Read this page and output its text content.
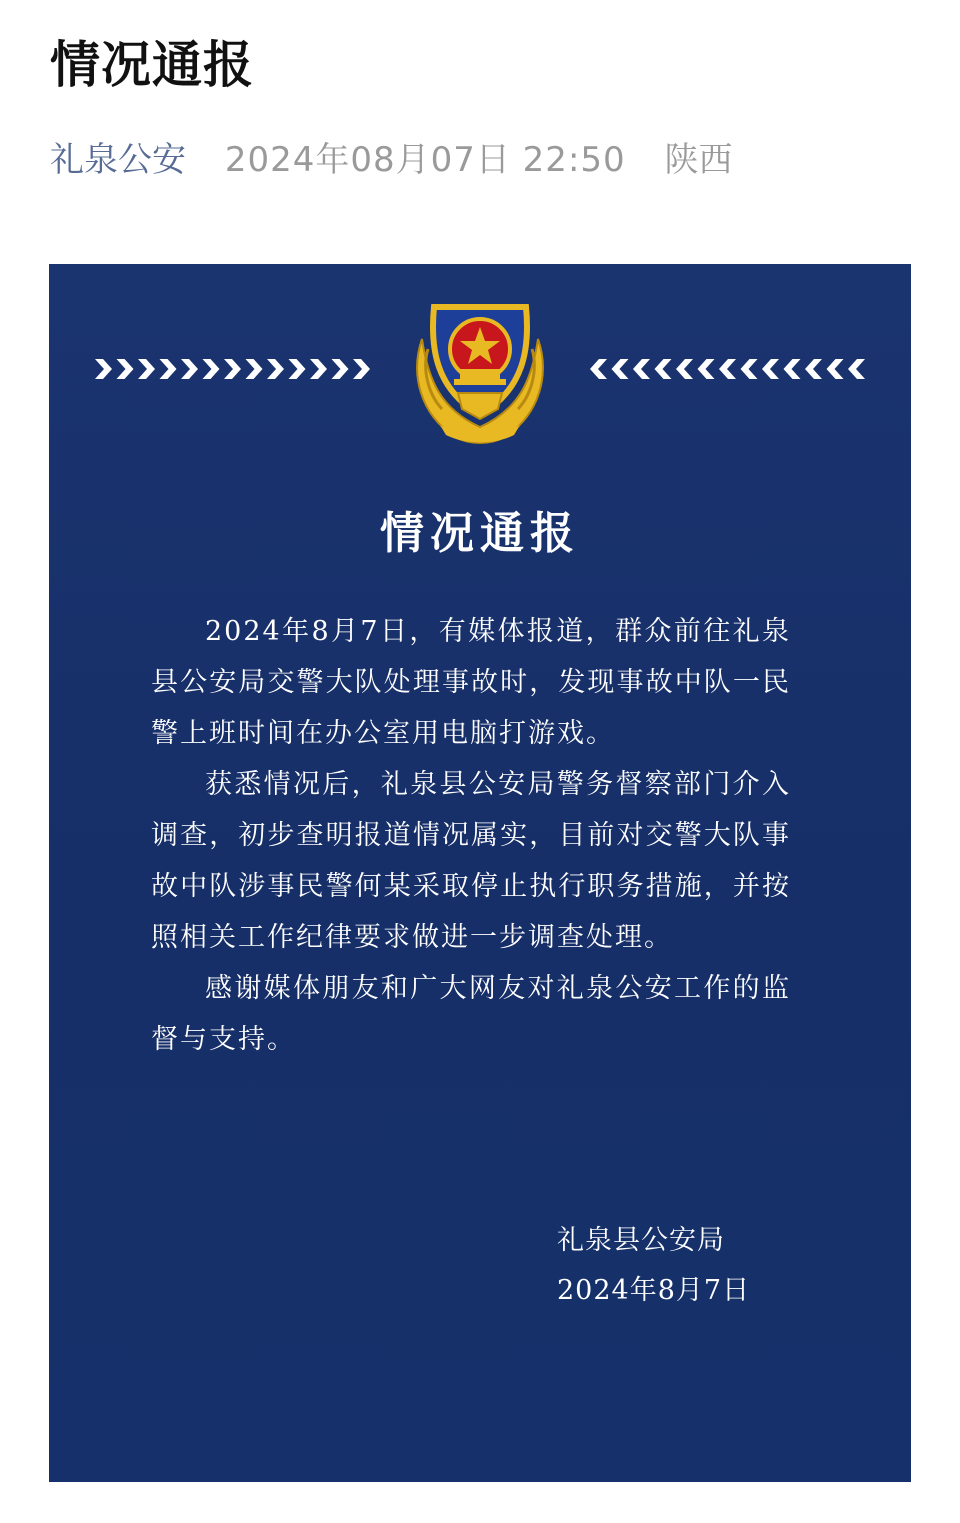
情况通报
礼泉公安 2024年08月07日 22:50 陕西
情况通报

2024年8月7日，有媒体报道，群众前往礼泉县公安局交警大队处理事故时，发现事故中队一民警上班时间在办公室用电脑打游戏。

获悉情况后，礼泉县公安局警务督察部门介入调查，初步查明报道情况属实，目前对交警大队事故中队涉事民警何某采取停止执行职务措施，并按照相关工作纪律要求做进一步调查处理。

感谢媒体朋友和广大网友对礼泉公安工作的监督与支持。

礼泉县公安局
2024年8月7日
